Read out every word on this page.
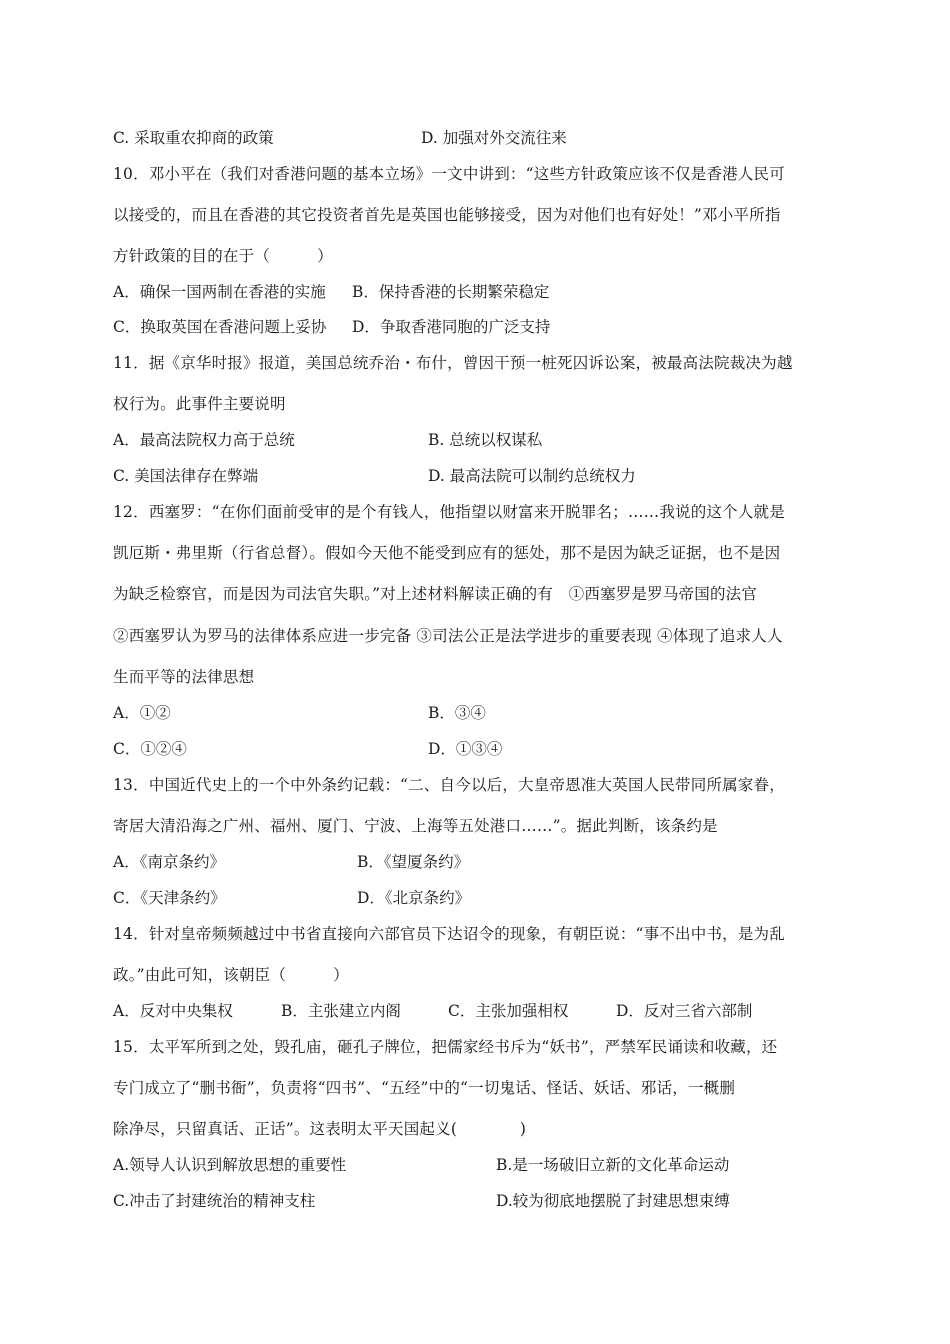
C. 采取重农抑商的政策	D. 加强对外交流往来
10．邓小平在（我们对香港问题的基本立场》一文中讲到：“这些方针政策应该不仅是香港人民可
以接受的，而且在香港的其它投资者首先是英国也能够接受，因为对他们也有好处！”邓小平所指
方针政策的目的在于（　　　）
A．确保一国两制在香港的实施 B．保持香港的长期繁荣稳定
C．换取英国在香港问题上妥协 D．争取香港同胞的广泛支持
11．据《京华时报》报道，美国总统乔治・布什，曾因干预一桩死囚诉讼案，被最高法院裁决为越
权行为。此事件主要说明
A．最高法院权力高于总统	B. 总统以权谋私
C. 美国法律存在弊端	D. 最高法院可以制约总统权力
12．西塞罗：“在你们面前受审的是个有钱人，他指望以财富来开脱罪名；……我说的这个人就是
凯厄斯・弗里斯（行省总督）。假如今天他不能受到应有的惩处，那不是因为缺乏证据，也不是因
为缺乏检察官，而是因为司法官失职。”对上述材料解读正确的有　①西塞罗是罗马帝国的法官
②西塞罗认为罗马的法律体系应进一步完备 ③司法公正是法学进步的重要表现 ④体现了追求人人
生而平等的法律思想
A．①②	B．③④
C．①②④	D．①③④
13．中国近代史上的一个中外条约记载：“二、自今以后，大皇帝恩准大英国人民带同所属家眷，
寄居大清沿海之广州、福州、厦门、宁波、上海等五处港口……”。据此判断，该条约是
A．《南京条约》	B．《望厦条约》
C．《天津条约》	D．《北京条约》
14．针对皇帝频频越过中书省直接向六部官员下达诏令的现象，有朝臣说：“事不出中书，是为乱
政。”由此可知，该朝臣（　　　）
A．反对中央集权	B．主张建立内阁	C．主张加强相权	D．反对三省六部制
15．太平军所到之处，毁孔庙，砸孔子牌位，把儒家经书斥为“妖书”，严禁军民诵读和收藏，还
专门成立了“删书衙”，负责将“四书”、“五经”中的“一切鬼话、怪话、妖话、邪话，一概删
除净尽，只留真话、正话”。这表明太平天国起义(　　　　)
A.领导人认识到解放思想的重要性	B.是一场破旧立新的文化革命运动
C.冲击了封建统治的精神支柱	D.较为彻底地摆脱了封建思想束缚
